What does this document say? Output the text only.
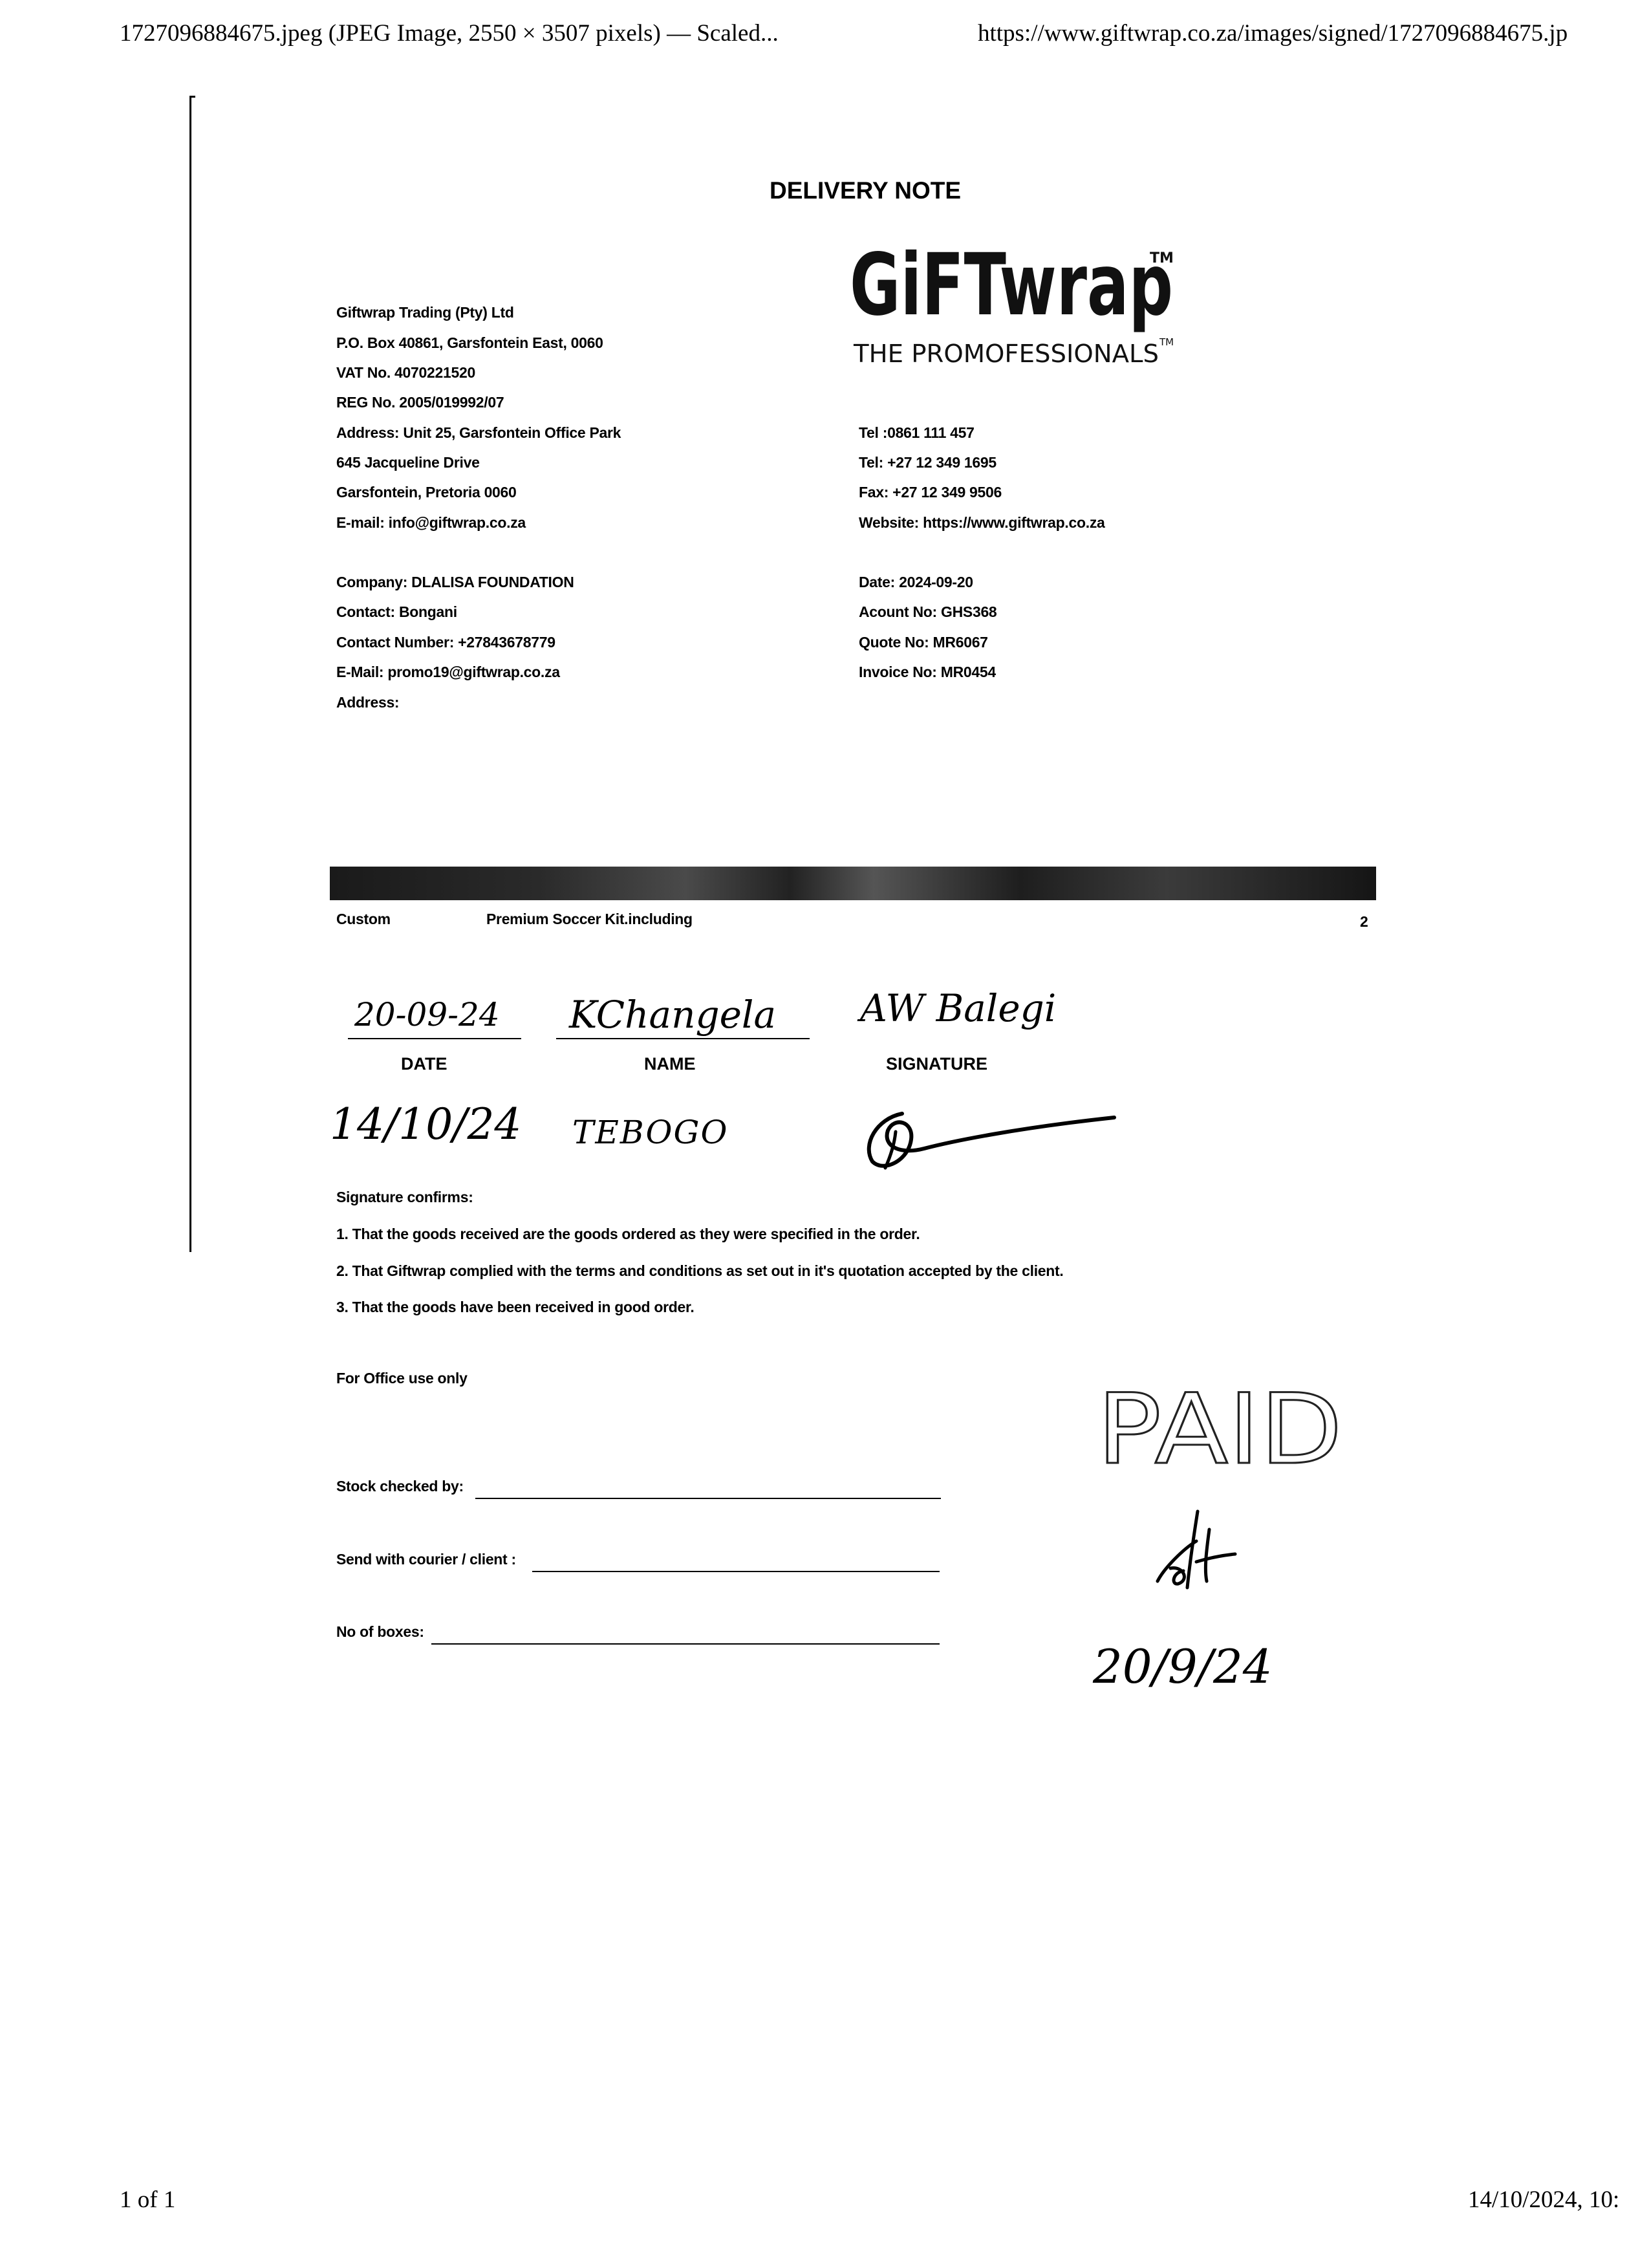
1727096884675.jpeg (JPEG Image, 2550 × 3507 pixels) — Scaled...	https://www.giftwrap.co.za/images/signed/1727096884675.jp
1 of 1	14/10/2024, 10:
DELIVERY NOTE
GiFTwrap
TM
THE PROMOFESSIONALS TM
Giftwrap Trading (Pty) Ltd
P.O. Box 40861, Garsfontein East, 0060
VAT No. 4070221520
REG No. 2005/019992/07
Address: Unit 25, Garsfontein Office Park
645 Jacqueline Drive
Garsfontein, Pretoria 0060
E-mail: info@giftwrap.co.za
Tel :0861 111 457
Tel: +27 12 349 1695
Fax: +27 12 349 9506
Website: https://www.giftwrap.co.za
Company: DLALISA FOUNDATION
Contact: Bongani
Contact Number: +27843678779
E-Mail: promo19@giftwrap.co.za
Address:
Date: 2024-09-20
Acount No: GHS368
Quote No: MR6067
Invoice No: MR0454
Custom	Premium Soccer Kit.including	2
20-09-24 KChangela AW Balegi
DATE	NAME	SIGNATURE
14/10/24 TEBOGO
Signature confirms:
1. That the goods received are the goods ordered as they were specified in the order.
2. That Giftwrap complied with the terms and conditions as set out in it's quotation accepted by the client.
3. That the goods have been received in good order.
For Office use only
Stock checked by:
Send with courier / client :
No of boxes:
PAID
20/9/24
